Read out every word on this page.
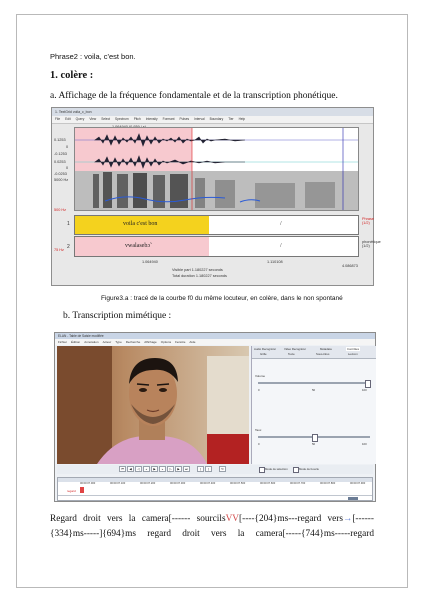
Phrase2 : voila, c'est bon.
1. colère :
a. Affichage de la fréquence fondamentale et de la transcription phonétique.
1. TextGrid voila_c_bon
File Edit Query View Select Spectrum Pitch Intensity Formant Pulses Interval Boundary Tier Help
0.1253
0
-0.1253
0.0253
0
-0.0253
5000 Hz
500 Hz
75 Hz
1	voila c'est bon	/
Phrase (1/2)
2	vwalasebɔ̃	/
phonétique (1/2)
1.064940	1.110108
4.086873
Visible part 1.180227 seconds
Total duration 1.180227 seconds
Figure3.a : tracé de la courbe f0 du même locuteur, en colère, dans le non spontané
b. Transcription mimétique :
ELAN - Table de Saisie modifiée
Fichier Édition Annotation Acteur Type Recherche Affichage Options Fenêtre Aide
Audio Recognizer	Video Recognizer	Métadata	Contrôles
Grille	Texte	Sous-titres	Lexicon
Volume
0	50	100
Taux
0	50	100
⏮	◀	◁	«	▶	»	▷	▶	⏭	[	]	↻	Mode de sélection	Mode de boucle
00:00:07.000	00:00:07.100	00:00:07.200	00:00:07.300	00:00:07.400	00:00:07.500	00:00:07.600	00:00:07.700	00:00:07.800	00:00:07.900
regard
Regard droit vers la camera[------ sourcilsVV[----{204}ms---regard vers→[------
{334}ms-----]{694}ms regard droit vers la camera[-----{744}ms-----regard
